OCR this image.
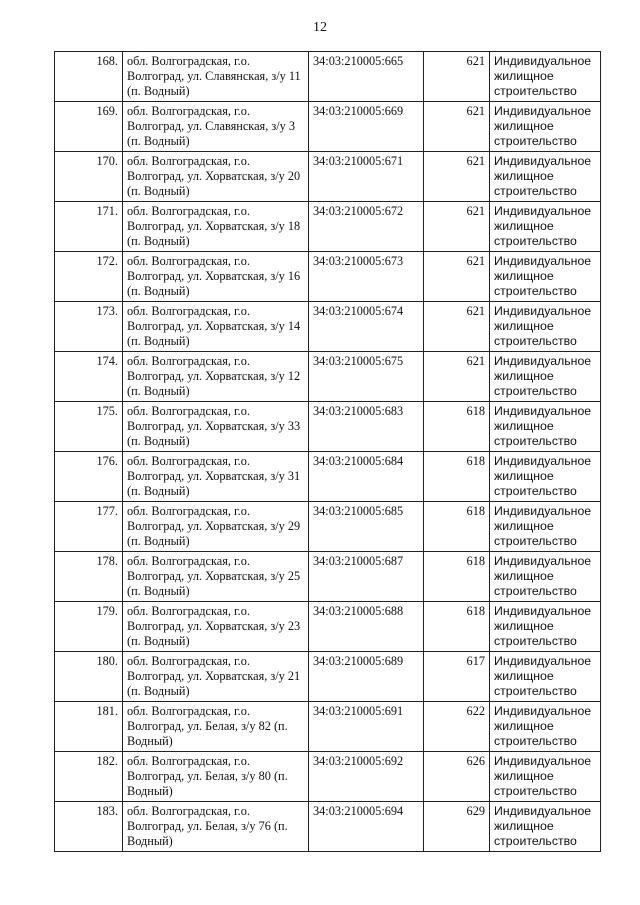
12
168.	обл. Волгоградская, г.о. Волгоград, ул. Славянская, з/у 11 (п. Водный)	34:03:210005:665	621	Индивидуальное жилищное строительство
169.	обл. Волгоградская, г.о. Волгоград, ул. Славянская, з/у 3 (п. Водный)	34:03:210005:669	621	Индивидуальное жилищное строительство
170.	обл. Волгоградская, г.о. Волгоград, ул. Хорватская, з/у 20 (п. Водный)	34:03:210005:671	621	Индивидуальное жилищное строительство
171.	обл. Волгоградская, г.о. Волгоград, ул. Хорватская, з/у 18 (п. Водный)	34:03:210005:672	621	Индивидуальное жилищное строительство
172.	обл. Волгоградская, г.о. Волгоград, ул. Хорватская, з/у 16 (п. Водный)	34:03:210005:673	621	Индивидуальное жилищное строительство
173.	обл. Волгоградская, г.о. Волгоград, ул. Хорватская, з/у 14 (п. Водный)	34:03:210005:674	621	Индивидуальное жилищное строительство
174.	обл. Волгоградская, г.о. Волгоград, ул. Хорватская, з/у 12 (п. Водный)	34:03:210005:675	621	Индивидуальное жилищное строительство
175.	обл. Волгоградская, г.о. Волгоград, ул. Хорватская, з/у 33 (п. Водный)	34:03:210005:683	618	Индивидуальное жилищное строительство
176.	обл. Волгоградская, г.о. Волгоград, ул. Хорватская, з/у 31 (п. Водный)	34:03:210005:684	618	Индивидуальное жилищное строительство
177.	обл. Волгоградская, г.о. Волгоград, ул. Хорватская, з/у 29 (п. Водный)	34:03:210005:685	618	Индивидуальное жилищное строительство
178.	обл. Волгоградская, г.о. Волгоград, ул. Хорватская, з/у 25 (п. Водный)	34:03:210005:687	618	Индивидуальное жилищное строительство
179.	обл. Волгоградская, г.о. Волгоград, ул. Хорватская, з/у 23 (п. Водный)	34:03:210005:688	618	Индивидуальное жилищное строительство
180.	обл. Волгоградская, г.о. Волгоград, ул. Хорватская, з/у 21 (п. Водный)	34:03:210005:689	617	Индивидуальное жилищное строительство
181.	обл. Волгоградская, г.о. Волгоград, ул. Белая, з/у 82 (п. Водный)	34:03:210005:691	622	Индивидуальное жилищное строительство
182.	обл. Волгоградская, г.о. Волгоград, ул. Белая, з/у 80 (п. Водный)	34:03:210005:692	626	Индивидуальное жилищное строительство
183.	обл. Волгоградская, г.о. Волгоград, ул. Белая, з/у 76 (п. Водный)	34:03:210005:694	629	Индивидуальное жилищное строительство
